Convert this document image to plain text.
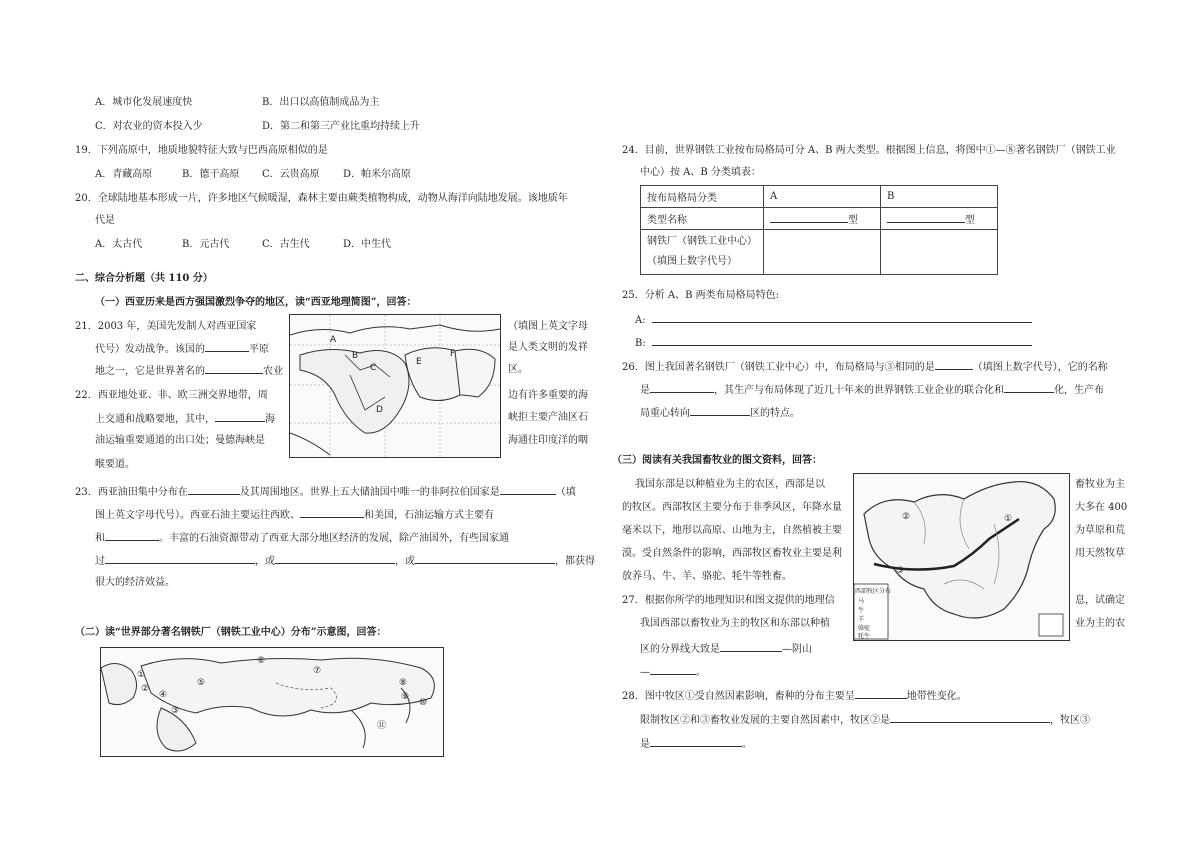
A．城市化发展速度快	B．出口以高值制成品为主
C．对农业的资本投入少	D．第二和第三产业比重均持续上升
19．下列高原中，地质地貌特征大致与巴西高原相似的是
A．青藏高原	B．德干高原 C．云贵高原 D．帕米尔高原
20．全球陆地基本形成一片，许多地区气候暖湿，森林主要由蕨类植物构成，动物从海洋向陆地发展。该地质年
代是
A．太古代	B．元古代	C．古生代	D．中生代
二、综合分析题（共 110 分）
（一）西亚历来是西方强国激烈争夺的地区，读“西亚地理简图”，回答：
21．2003 年，美国先发制人对西亚国家	（填图上英文字母
代号）发动战争。该国的	平原	是人类文明的发祥
地之一，它是世界著名的	农业	区。
22．西亚地处亚、非、欧三洲交界地带，周	边有许多重要的海
上交通和战略要地，其中，	海	峡拒主要产油区石
油运输重要通道的出口处；曼德海峡是	海通往印度洋的咽
喉要道。
A
B
C
D
E
F
23．西亚油田集中分布在	及其周围地区。世界上五大储油国中唯一的非阿拉伯国家是	（填
图上英文字母代号）。西亚石油主要运往西欧、	和美国，石油运输方式主要有
和	。丰富的石油资源带动了西亚大部分地区经济的发展，除产油国外，有些国家通
过	，或	，或	，都获得
很大的经济效益。
（二）读“世界部分著名钢铁厂（钢铁工业中心）分布”示意图，回答：
①
②
③
④
⑤
⑥
⑦
⑧
⑨
⑩
⑪
24．目前，世界钢铁工业按布局格局可分 A、B 两大类型。根据图上信息，将图中①—⑧著名钢铁厂（钢铁工业
中心）按 A、B 分类填表：
按布局格局分类	A	B
类型名称	型	型
钢铁厂（钢铁工业中心）
（填图上数字代号）		
25．分析 A、B 两类布局格局特色:
A:
B:
26．图上我国著名钢铁厂（钢铁工业中心）中，布局格局与③相同的是	（填图上数字代号），它的名称
是	，其生产与布局体现了近几十年来的世界钢铁工业企业的联合化和	化，生产布
局重心转向	区的特点。
（三）阅读有关我国畜牧业的图文资料，回答：
我国东部是以种植业为主的农区，西部是以	畜牧业为主
的牧区。西部牧区主要分布于非季风区，年降水量	大多在 400
毫米以下，地形以高原、山地为主，自然植被主要	为草原和荒
漠。受自然条件的影响，西部牧区畜牧业主要是利	用天然牧草
放养马、牛、羊、骆驼、牦牛等牲畜。
27．根据你所学的地理知识和图文提供的地理信	息，试确定
我国西部以畜牧业为主的牧区和东部以种植	业为主的农
区的分界线大致是	—阴山
—	。
②	①
③
西部牧区分布
马
牛
羊
骆驼
牦牛
28．图中牧区①受自然因素影响，畜种的分布主要呈	地带性变化。
限制牧区②和③畜牧业发展的主要自然因素中，牧区②是	，牧区③
是	。
